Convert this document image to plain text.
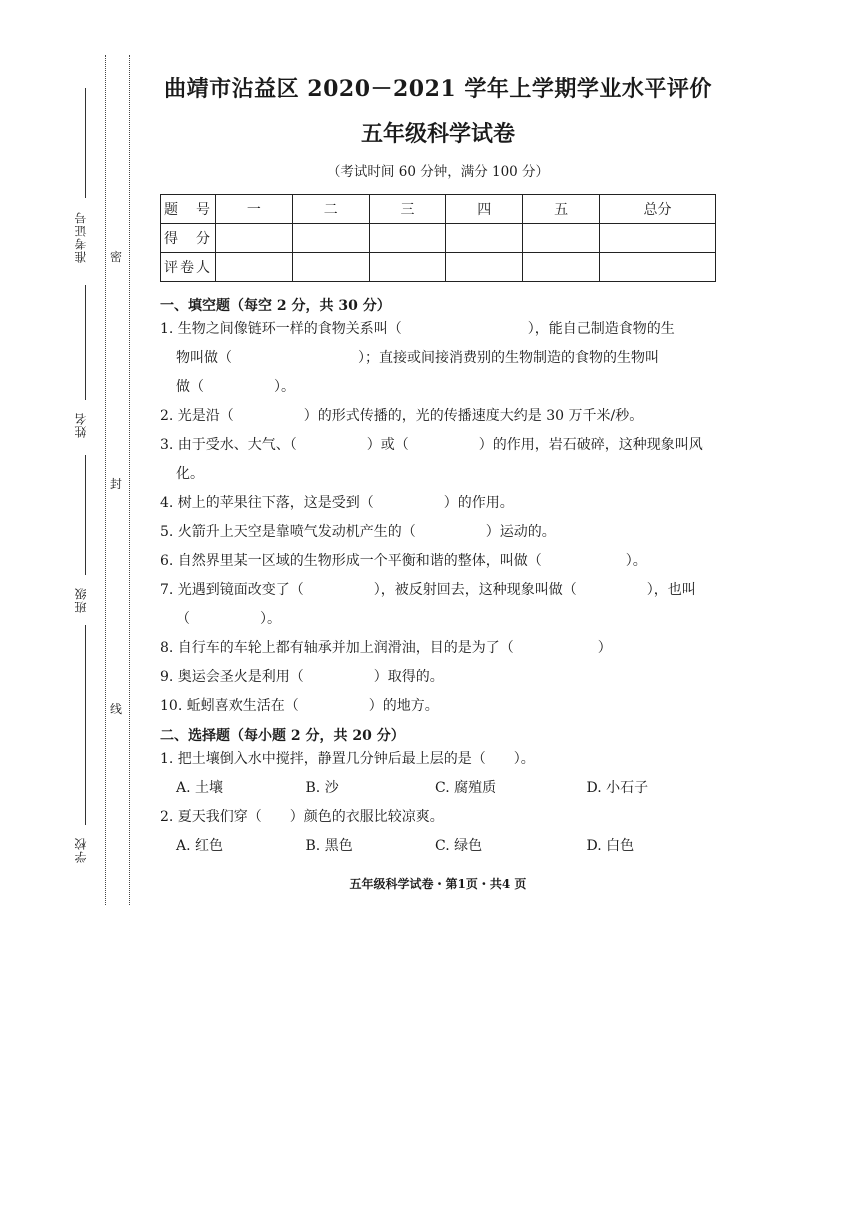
准考证号
姓名
班级
学校
密
封
线
曲靖市沾益区 2020－2021 学年上学期学业水平评价
五年级科学试卷
（考试时间 60 分钟，满分 100 分）
题　号	一	二	三	四	五	总分
得　分						
评卷人						
一、填空题（每空 2 分，共 30 分）
1. 生物之间像链环一样的食物关系叫（　　　　　　　　　），能自己制造食物的生
物叫做（　　　　　　　　　）；直接或间接消费别的生物制造的食物的生物叫
做（　　　　　）。
2. 光是沿（　　　　　）的形式传播的，光的传播速度大约是 30 万千米/秒。
3. 由于受水、大气、（　　　　　）或（　　　　　）的作用，岩石破碎，这种现象叫风
化。
4. 树上的苹果往下落，这是受到（　　　　　）的作用。
5. 火箭升上天空是靠喷气发动机产生的（　　　　　）运动的。
6. 自然界里某一区域的生物形成一个平衡和谐的整体，叫做（　　　　　　）。
7. 光遇到镜面改变了（　　　　　），被反射回去，这种现象叫做（　　　　　），也叫
（　　　　　）。
8. 自行车的车轮上都有轴承并加上润滑油，目的是为了（　　　　　　）
9. 奥运会圣火是利用（　　　　　）取得的。
10. 蚯蚓喜欢生活在（　　　　　）的地方。
二、选择题（每小题 2 分，共 20 分）
1. 把土壤倒入水中搅拌，静置几分钟后最上层的是（　　）。
A. 土壤	B. 沙	C. 腐殖质	D. 小石子
2. 夏天我们穿（　　）颜色的衣服比较凉爽。
A. 红色	B. 黑色	C. 绿色	D. 白色
五年级科学试卷・第1页・共4 页
